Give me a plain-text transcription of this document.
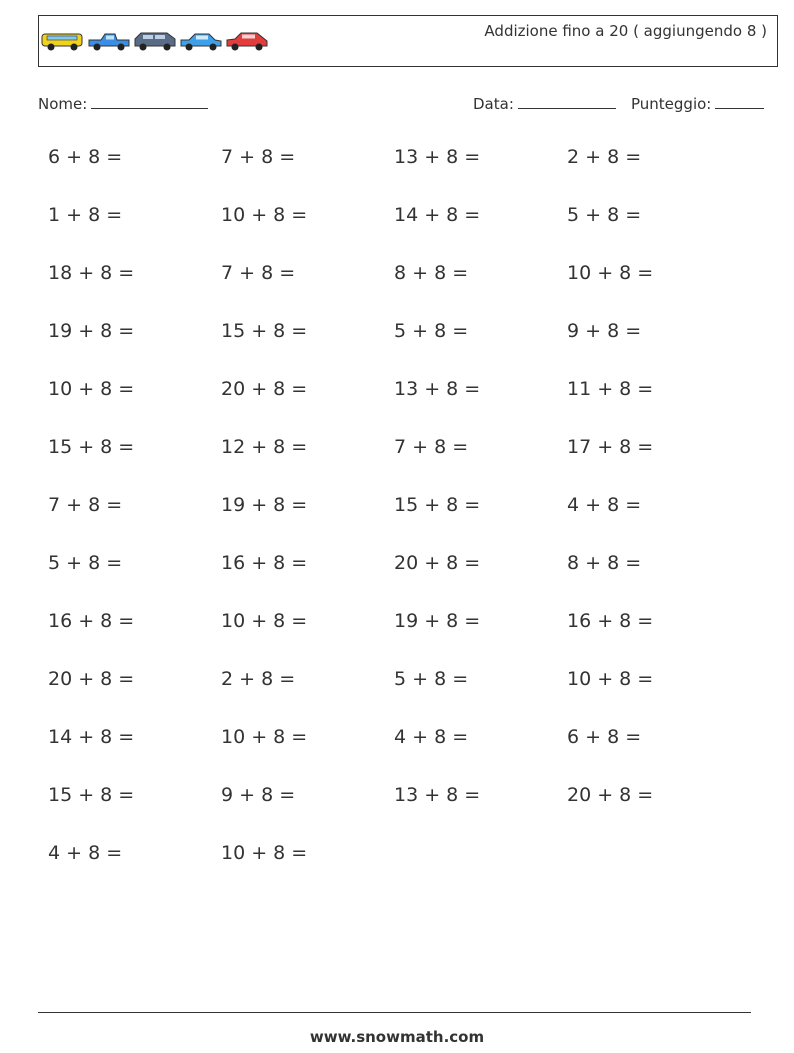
Addizione fino a 20 ( aggiungendo 8 )
Nome:	Data:	Punteggio:
6 + 8 =	7 + 8 =	13 + 8 =	2 + 8 =
1 + 8 =	10 + 8 =	14 + 8 =	5 + 8 =
18 + 8 =	7 + 8 =	8 + 8 =	10 + 8 =
19 + 8 =	15 + 8 =	5 + 8 =	9 + 8 =
10 + 8 =	20 + 8 =	13 + 8 =	11 + 8 =
15 + 8 =	12 + 8 =	7 + 8 =	17 + 8 =
7 + 8 =	19 + 8 =	15 + 8 =	4 + 8 =
5 + 8 =	16 + 8 =	20 + 8 =	8 + 8 =
16 + 8 =	10 + 8 =	19 + 8 =	16 + 8 =
20 + 8 =	2 + 8 =	5 + 8 =	10 + 8 =
14 + 8 =	10 + 8 =	4 + 8 =	6 + 8 =
15 + 8 =	9 + 8 =	13 + 8 =	20 + 8 =
4 + 8 =	10 + 8 =
www.snowmath.com
